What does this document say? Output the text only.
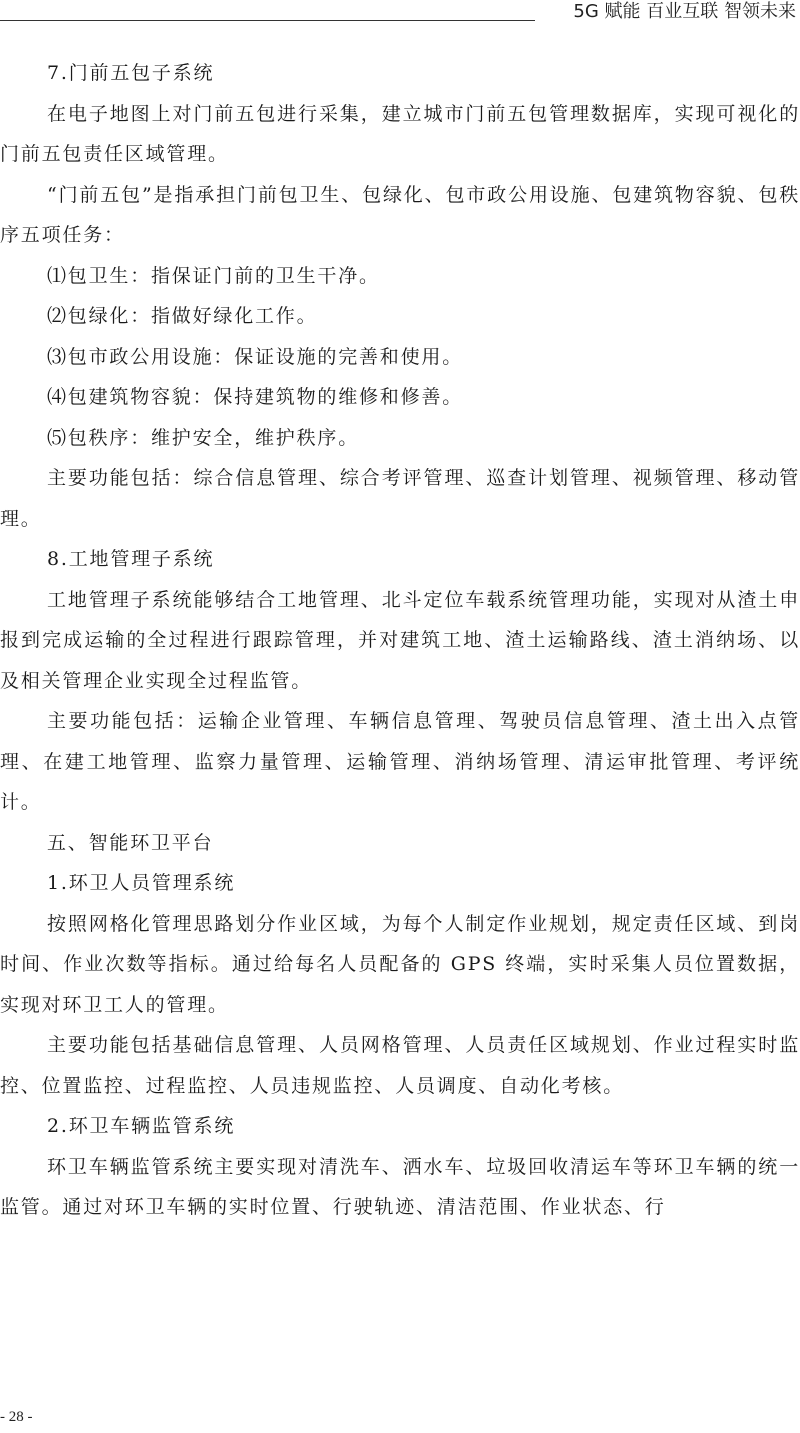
5G 赋能 百业互联 智领未来

7.门前五包子系统

在电子地图上对门前五包进行采集，建立城市门前五包管理数据库，实现可视化的门前五包责任区域管理。

“门前五包”是指承担门前包卫生、包绿化、包市政公用设施、包建筑物容貌、包秩序五项任务：

⑴包卫生：指保证门前的卫生干净。

⑵包绿化：指做好绿化工作。

⑶包市政公用设施：保证设施的完善和使用。

⑷包建筑物容貌：保持建筑物的维修和修善。

⑸包秩序：维护安全，维护秩序。

主要功能包括：综合信息管理、综合考评管理、巡查计划管理、视频管理、移动管理。

8.工地管理子系统

工地管理子系统能够结合工地管理、北斗定位车载系统管理功能，实现对从渣土申报到完成运输的全过程进行跟踪管理，并对建筑工地、渣土运输路线、渣土消纳场、以及相关管理企业实现全过程监管。

主要功能包括：运输企业管理、车辆信息管理、驾驶员信息管理、渣土出入点管理、在建工地管理、监察力量管理、运输管理、消纳场管理、清运审批管理、考评统计。

五、智能环卫平台

1.环卫人员管理系统

按照网格化管理思路划分作业区域，为每个人制定作业规划，规定责任区域、到岗时间、作业次数等指标。通过给每名人员配备的 GPS 终端，实时采集人员位置数据，实现对环卫工人的管理。

主要功能包括基础信息管理、人员网格管理、人员责任区域规划、作业过程实时监控、位置监控、过程监控、人员违规监控、人员调度、自动化考核。

2.环卫车辆监管系统

环卫车辆监管系统主要实现对清洗车、洒水车、垃圾回收清运车等环卫车辆的统一监管。通过对环卫车辆的实时位置、行驶轨迹、清洁范围、作业状态、行

- 28 -
